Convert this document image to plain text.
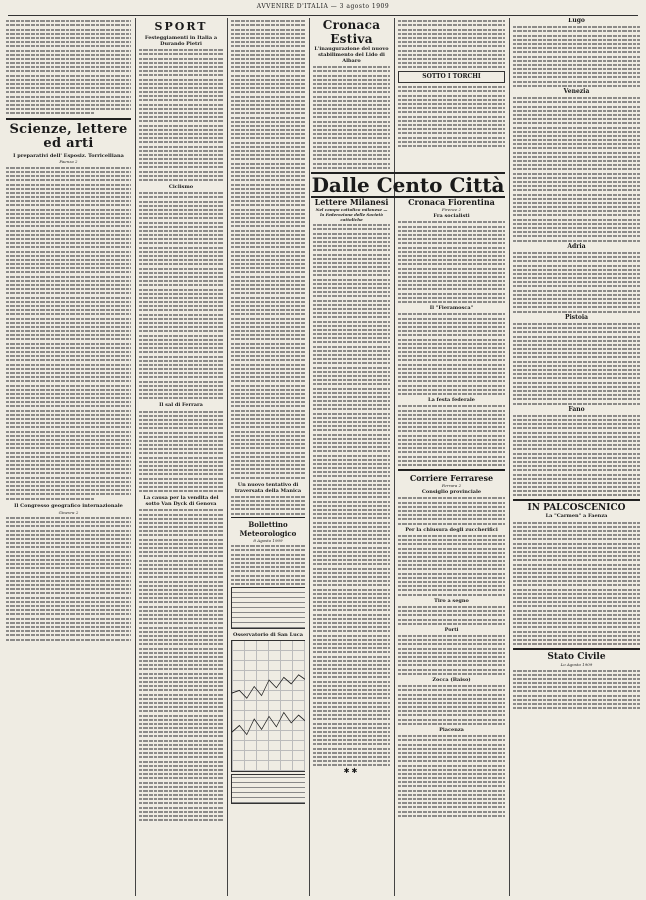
AVVENIRE D'ITALIA — 3 agosto 1909
Scienze, lettere ed arti
I preparativi dell' Esposiz. Torricelliana
Faenza 2
Il Congresso geografico internazionale
Ginevra 2
SPORT
Festeggiamenti in Italia a Durando Pietri
Ciclismo
Il sal di Ferrara
La causa per la vendita del sotto Van Dyck di Genova
Un nuovo tentativo di traversata della Manica
Bollettino Meteorologico
8 Agosto 1909
Osservatorio di San Luca
Cronaca Estiva
L'inaugurazione del nuovo stabilimento del Lido di Albaro
SOTTO I TORCHI
Dalle Cento Città
Lettere Milanesi
Nel campo cattolico milanese — la Federazione delle Società cattoliche
✱✱
Cronaca Fiorentina
Firenze 2
Fra socialisti
Il "Fieramosca"
La festa federale
Corriere Ferrarese
Ferrara 2
Consiglio provinciale
Per la chiusura degli zuccherifici
Tiro a segno
Porti
Zocca (Baiso)
Piacenza
Lugo
Venezia
Adria
Pistoia
Fano
IN PALCOSCENICO
La "Carmen" a Faenza
Stato Civile
Lo Agosto 1909
